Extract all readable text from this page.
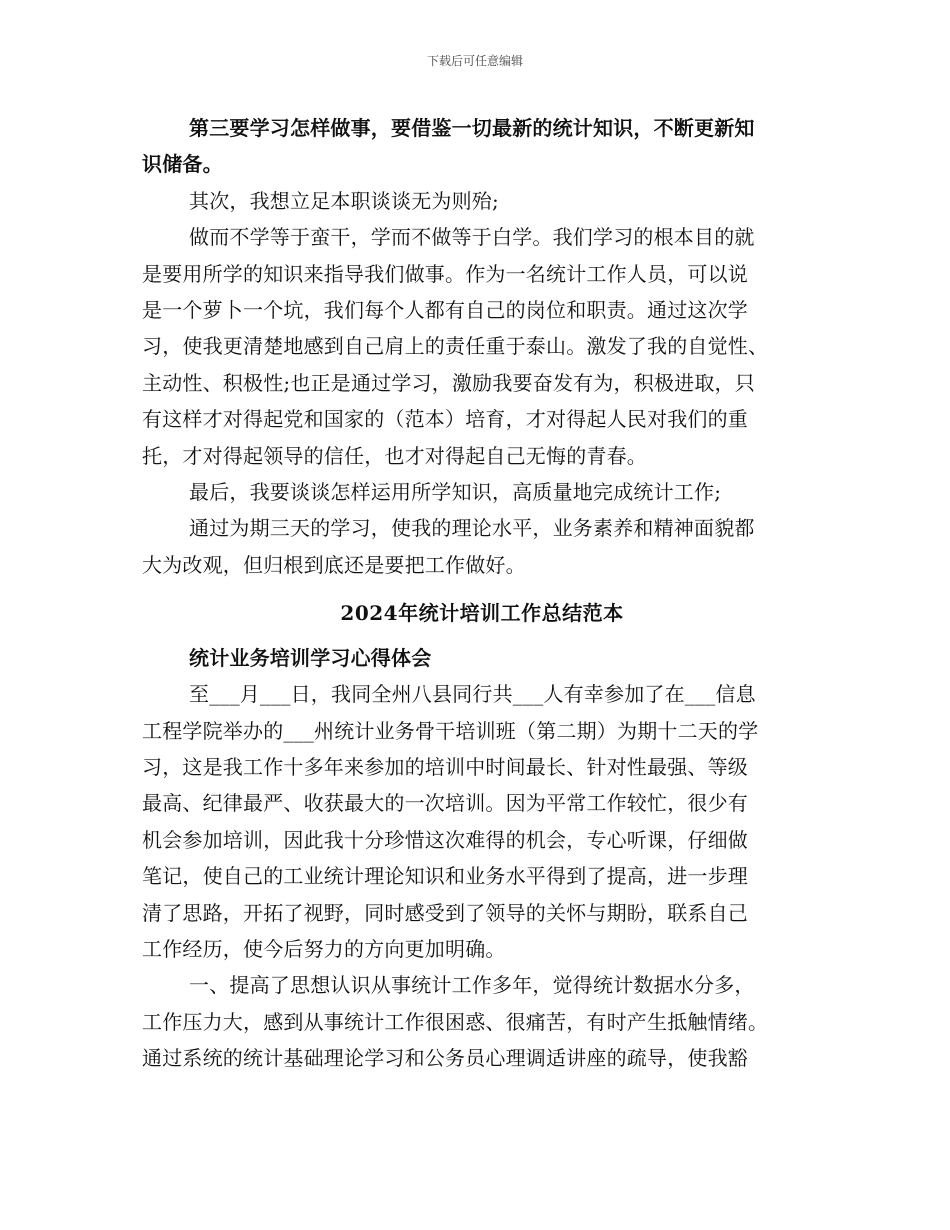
下载后可任意编辑
第三要学习怎样做事，要借鉴一切最新的统计知识，不断更新知
识储备。
其次，我想立足本职谈谈无为则殆;
做而不学等于蛮干，学而不做等于白学。我们学习的根本目的就
是要用所学的知识来指导我们做事。作为一名统计工作人员，可以说
是一个萝卜一个坑，我们每个人都有自己的岗位和职责。通过这次学
习，使我更清楚地感到自己肩上的责任重于泰山。激发了我的自觉性、
主动性、积极性;也正是通过学习，激励我要奋发有为，积极进取，只
有这样才对得起党和国家的（范本）培育，才对得起人民对我们的重
托，才对得起领导的信任，也才对得起自己无悔的青春。
最后，我要谈谈怎样运用所学知识，高质量地完成统计工作;
通过为期三天的学习，使我的理论水平，业务素养和精神面貌都
大为改观，但归根到底还是要把工作做好。
2024年统计培训工作总结范本
统计业务培训学习心得体会
至___月___日，我同全州八县同行共___人有幸参加了在___信息
工程学院举办的___州统计业务骨干培训班（第二期）为期十二天的学
习，这是我工作十多年来参加的培训中时间最长、针对性最强、等级
最高、纪律最严、收获最大的一次培训。因为平常工作较忙，很少有
机会参加培训，因此我十分珍惜这次难得的机会，专心听课，仔细做
笔记，使自己的工业统计理论知识和业务水平得到了提高，进一步理
清了思路，开拓了视野，同时感受到了领导的关怀与期盼，联系自己
工作经历，使今后努力的方向更加明确。
一、提高了思想认识从事统计工作多年，觉得统计数据水分多，
工作压力大，感到从事统计工作很困惑、很痛苦，有时产生抵触情绪。
通过系统的统计基础理论学习和公务员心理调适讲座的疏导，使我豁
